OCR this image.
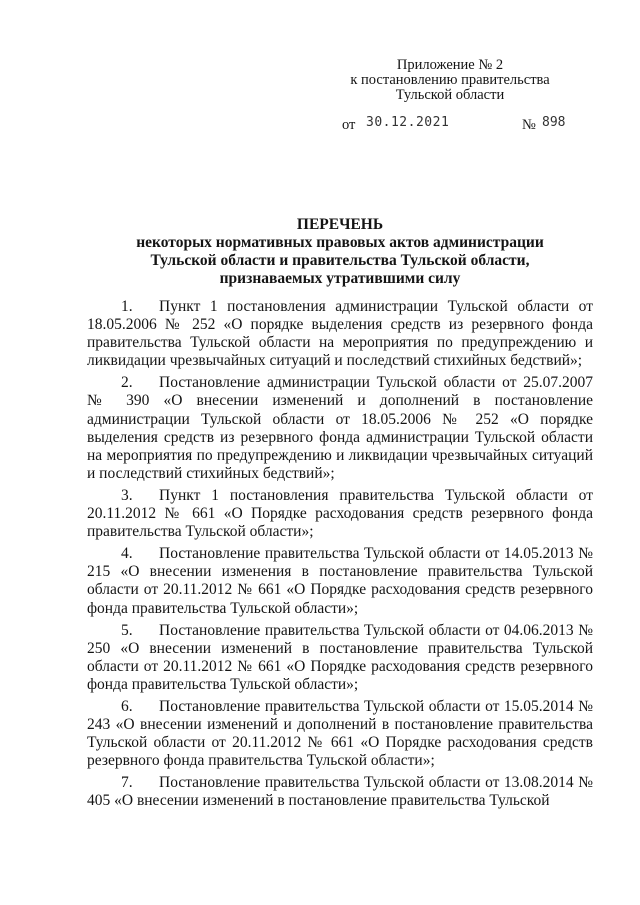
Приложение № 2
к постановлению правительства
Тульской области
от 30.12.2021	№ 898
ПЕРЕЧЕНЬ
некоторых нормативных правовых актов администрации
Тульской области и правительства Тульской области,
признаваемых утратившими силу

1. Пункт 1 постановления администрации Тульской области от 18.05.2006 № 252 «О порядке выделения средств из резервного фонда правительства Тульской области на мероприятия по предупреждению и ликвидации чрезвычайных ситуаций и последствий стихийных бедствий»;

2. Постановление администрации Тульской области от 25.07.2007 № 390 «О внесении изменений и дополнений в постановление администрации Тульской области от 18.05.2006 № 252 «О порядке выделения средств из резервного фонда администрации Тульской области на мероприятия по предупреждению и ликвидации чрезвычайных ситуаций и последствий стихийных бедствий»;

3. Пункт 1 постановления правительства Тульской области от 20.11.2012 № 661 «О Порядке расходования средств резервного фонда правительства Тульской области»;

4. Постановление правительства Тульской области от 14.05.2013 № 215 «О внесении изменения в постановление правительства Тульской области от 20.11.2012 № 661 «О Порядке расходования средств резервного фонда правительства Тульской области»;

5. Постановление правительства Тульской области от 04.06.2013 № 250 «О внесении изменений в постановление правительства Тульской области от 20.11.2012 № 661 «О Порядке расходования средств резервного фонда правительства Тульской области»;

6. Постановление правительства Тульской области от 15.05.2014 № 243 «О внесении изменений и дополнений в постановление правительства Тульской области от 20.11.2012 № 661 «О Порядке расходования средств резервного фонда правительства Тульской области»;

7. Постановление правительства Тульской области от 13.08.2014 № 405 «О внесении изменений в постановление правительства Тульской
